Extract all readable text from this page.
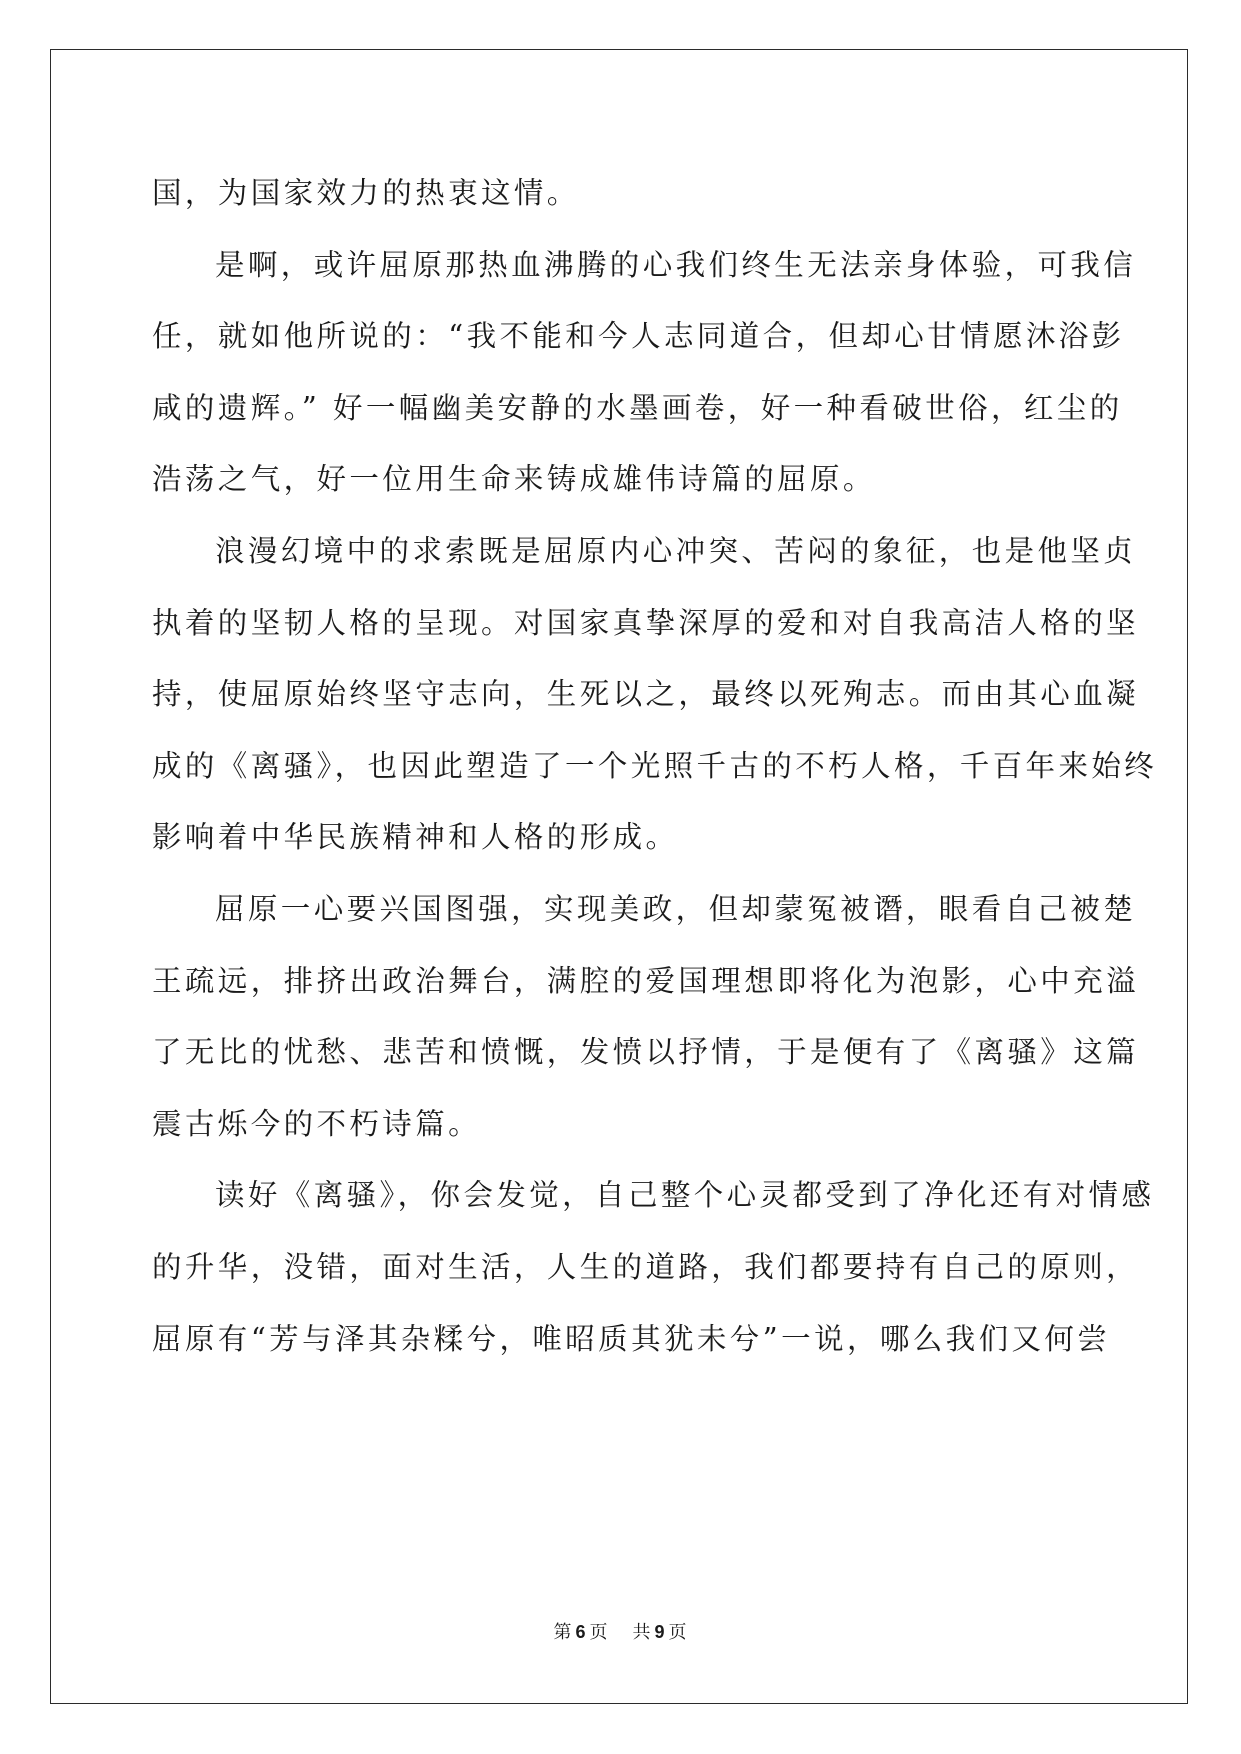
国，为国家效力的热衷这情。
是啊，或许屈原那热血沸腾的心我们终生无法亲身体验，可我信
任，就如他所说的：“我不能和今人志同道合，但却心甘情愿沐浴彭
咸的遗辉。” 好一幅幽美安静的水墨画卷，好一种看破世俗，红尘的
浩荡之气，好一位用生命来铸成雄伟诗篇的屈原。
浪漫幻境中的求索既是屈原内心冲突、苦闷的象征，也是他坚贞
执着的坚韧人格的呈现。对国家真挚深厚的爱和对自我高洁人格的坚
持，使屈原始终坚守志向，生死以之，最终以死殉志。而由其心血凝
成的《离骚》，也因此塑造了一个光照千古的不朽人格，千百年来始终
影响着中华民族精神和人格的形成。
屈原一心要兴国图强，实现美政，但却蒙冤被谮，眼看自己被楚
王疏远，排挤出政治舞台，满腔的爱国理想即将化为泡影，心中充溢
了无比的忧愁、悲苦和愤慨，发愤以抒情，于是便有了《离骚》这篇
震古烁今的不朽诗篇。
读好《离骚》，你会发觉，自己整个心灵都受到了净化还有对情感
的升华，没错，面对生活，人生的道路，我们都要持有自己的原则，
屈原有“芳与泽其杂糅兮，唯昭质其犹未兮”一说，哪么我们又何尝
第 6 页 共 9 页
